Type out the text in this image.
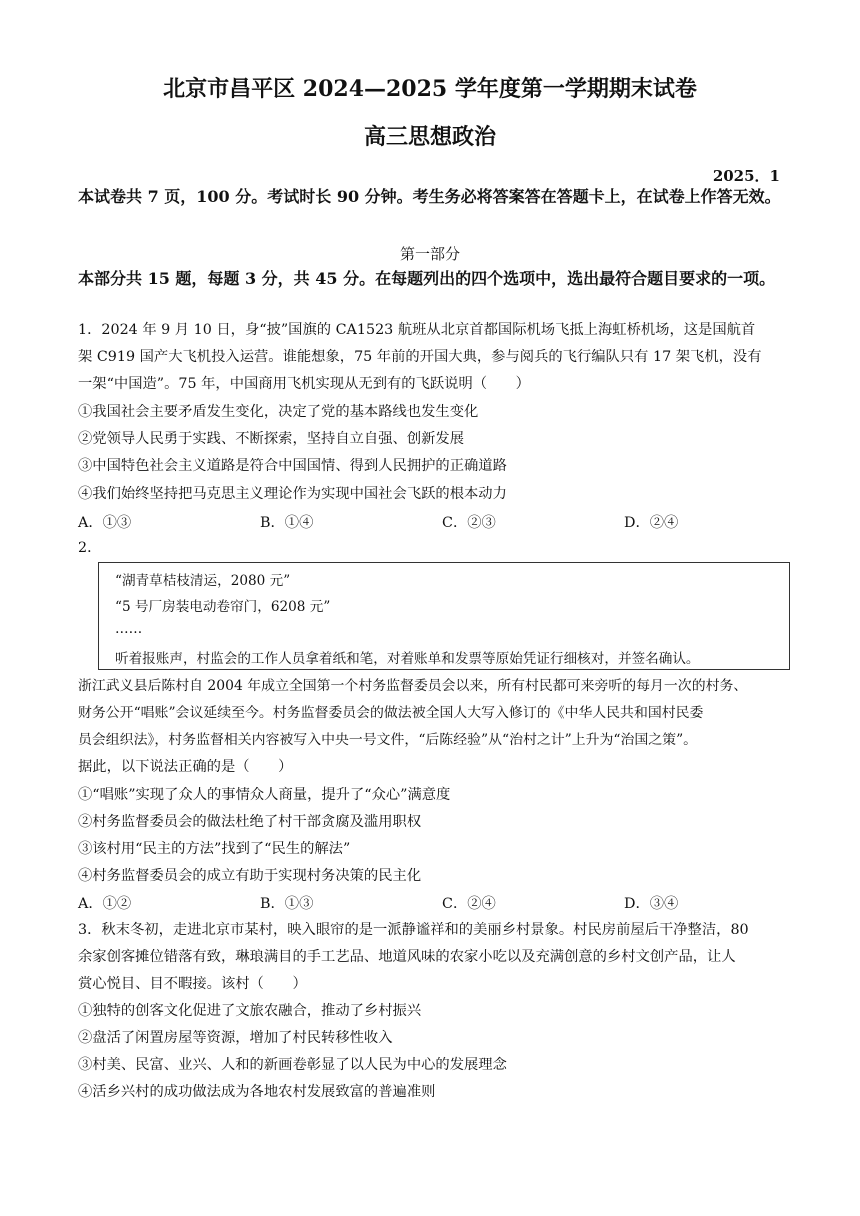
北京市昌平区 2024—2025 学年度第一学期期末试卷
高三思想政治
2025．1
本试卷共 7 页，100 分。考试时长 90 分钟。考生务必将答案答在答题卡上，在试卷上作答无效。
第一部分
本部分共 15 题，每题 3 分，共 45 分。在每题列出的四个选项中，选出最符合题目要求的一项。
1．2024 年 9 月 10 日，身“披”国旗的 CA1523 航班从北京首都国际机场飞抵上海虹桥机场，这是国航首
架 C919 国产大飞机投入运营。谁能想象，75 年前的开国大典，参与阅兵的飞行编队只有 17 架飞机，没有
一架“中国造”。75 年，中国商用飞机实现从无到有的飞跃说明（　　）
①我国社会主要矛盾发生变化，决定了党的基本路线也发生变化
②党领导人民勇于实践、不断探索，坚持自立自强、创新发展
③中国特色社会主义道路是符合中国国情、得到人民拥护的正确道路
④我们始终坚持把马克思主义理论作为实现中国社会飞跃的根本动力
A．①③	B．①④	C．②③	D．②④
2．
“湖青草桔枝清运，2080 元”
“5 号厂房装电动卷帘门，6208 元”
……
听着报账声，村监会的工作人员拿着纸和笔，对着账单和发票等原始凭证行细核对，并签名确认。
浙江武义县后陈村自 2004 年成立全国第一个村务监督委员会以来，所有村民都可来旁听的每月一次的村务、
财务公开“唱账”会议延续至今。村务监督委员会的做法被全国人大写入修订的《中华人民共和国村民委
员会组织法》，村务监督相关内容被写入中央一号文件，“后陈经验”从“治村之计”上升为“治国之策”。
据此，以下说法正确的是（　　）
①“唱账”实现了众人的事情众人商量，提升了“众心”满意度
②村务监督委员会的做法杜绝了村干部贪腐及滥用职权
③该村用“民主的方法”找到了“民生的解法”
④村务监督委员会的成立有助于实现村务决策的民主化
A．①②	B．①③	C．②④	D．③④
3．秋末冬初，走进北京市某村，映入眼帘的是一派静谧祥和的美丽乡村景象。村民房前屋后干净整洁，80
余家创客摊位错落有致，琳琅满目的手工艺品、地道风味的农家小吃以及充满创意的乡村文创产品，让人
赏心悦目、目不暇接。该村（　　）
①独特的创客文化促进了文旅农融合，推动了乡村振兴
②盘活了闲置房屋等资源，增加了村民转移性收入
③村美、民富、业兴、人和的新画卷彰显了以人民为中心的发展理念
④活乡兴村的成功做法成为各地农村发展致富的普遍准则
